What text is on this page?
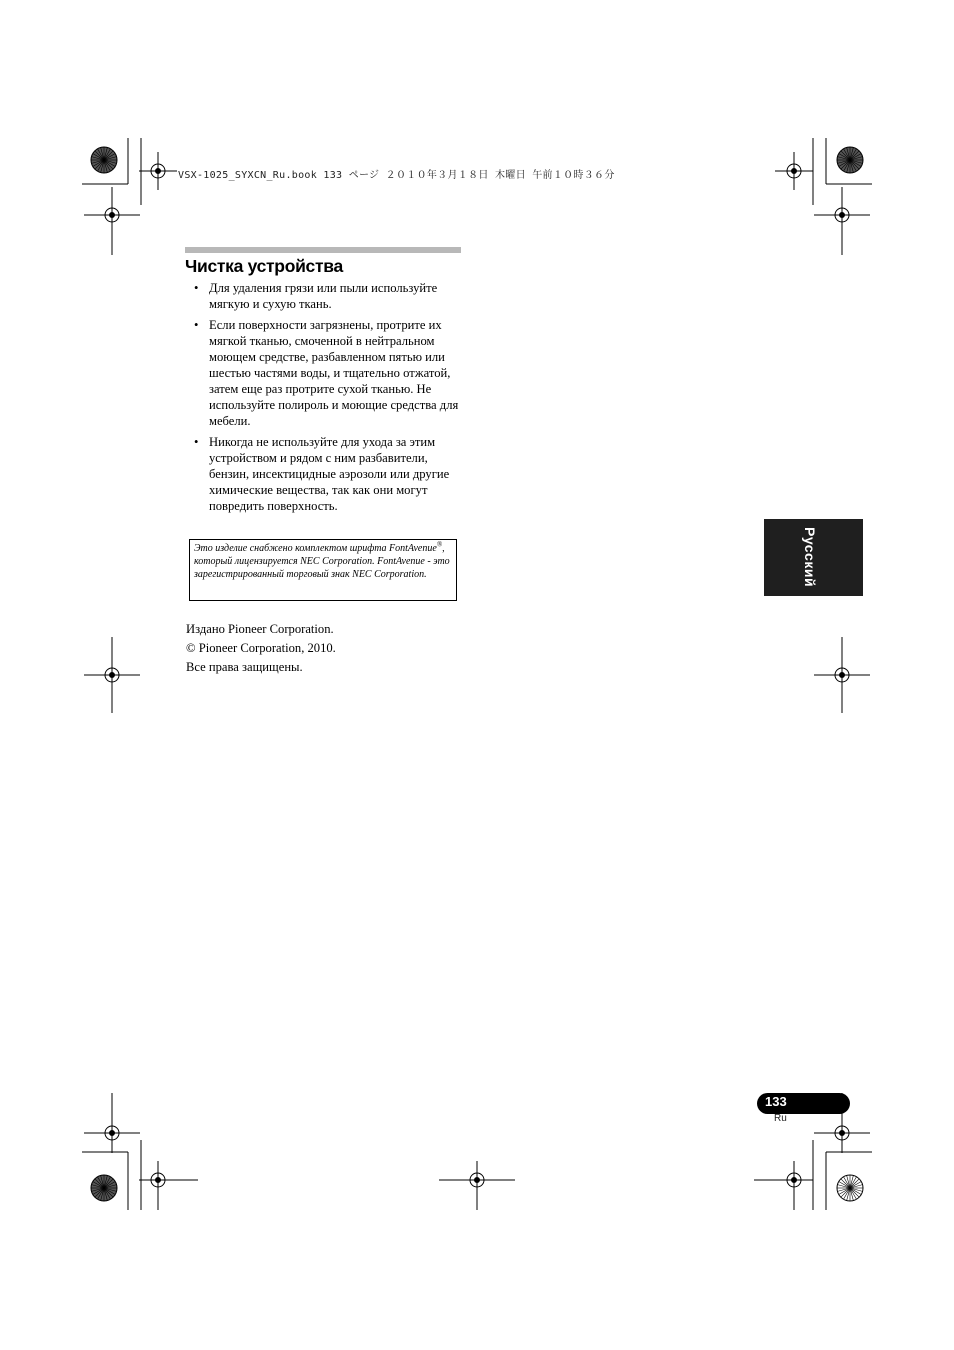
VSX-1025_SYXCN_Ru.book 133 ページ ２０１０年３月１８日 木曜日 午前１０時３６分
Чистка устройства
• Для удаления грязи или пыли используйте мягкую и сухую ткань.
• Если поверхности загрязнены, протрите их мягкой тканью, смоченной в нейтральном моющем средстве, разбавленном пятью или шестью частями воды, и тщательно отжатой, затем еще раз протрите сухой тканью. Не используйте полироль и моющие средства для мебели.
• Никогда не используйте для ухода за этим устройством и рядом с ним разбавители, бензин, инсектицидные аэрозоли или другие химические вещества, так как они могут повредить поверхность.
Это изделие снабжено комплектом шрифта FontAvenue®, который лицензируется NEC Corporation. FontAvenue - это зарегистрированный торговый знак NEC Corporation.
Издано Pioneer Corporation.
© Pioneer Corporation, 2010.
Все права защищены.
Русский
133
Ru
